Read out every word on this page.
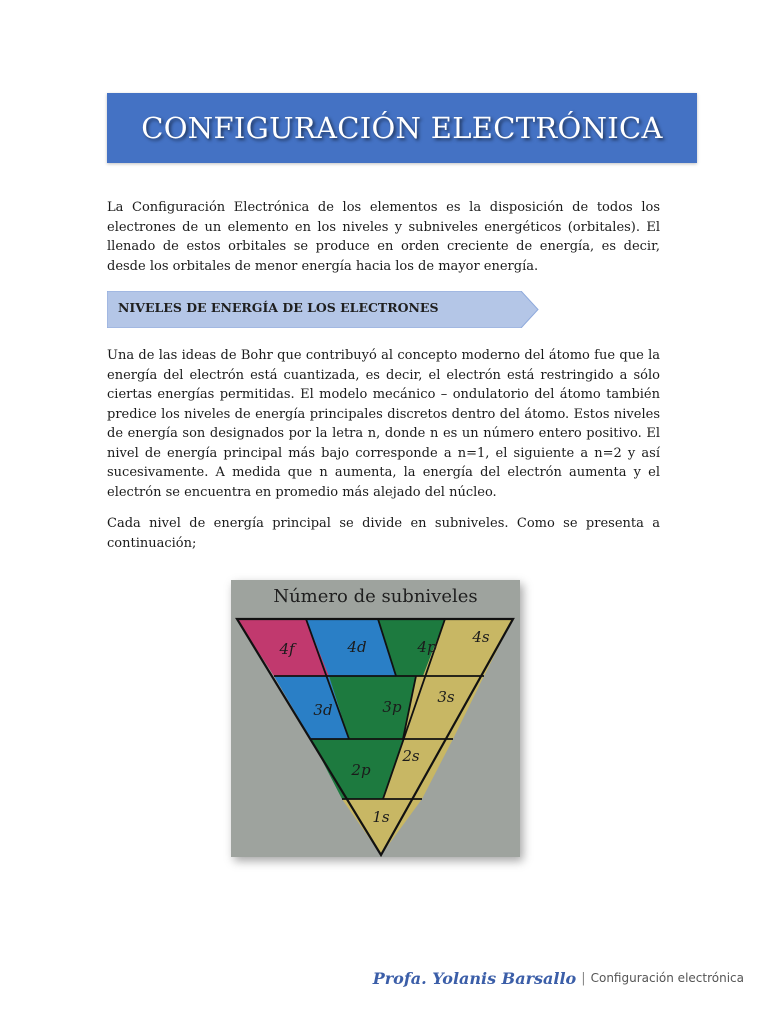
CONFIGURACIÓN ELECTRÓNICA

La Configuración Electrónica de los elementos es la disposición de todos los electrones de un elemento en los niveles y subniveles energéticos (orbitales). El llenado de estos orbitales se produce en orden creciente de energía, es decir, desde los orbitales de menor energía hacia los de mayor energía.

NIVELES DE ENERGÍA DE LOS ELECTRONES

Una de las ideas de Bohr que contribuyó al concepto moderno del átomo fue que la energía del electrón está cuantizada, es decir, el electrón está restringido a sólo ciertas energías permitidas. El modelo mecánico – ondulatorio del átomo también predice los niveles de energía principales discretos dentro del átomo. Estos niveles de energía son designados por la letra n, donde n es un número entero positivo. El nivel de energía principal más bajo corresponde a n=1, el siguiente a n=2 y así sucesivamente. A medida que n aumenta, la energía del electrón aumenta y el electrón se encuentra en promedio más alejado del núcleo.

Cada nivel de energía principal se divide en subniveles. Como se presenta a continuación;

Número de subniveles
4f	4d	4p
4s
3d	3p
3s
2p
2s
1s
Profa. Yolanis Barsallo | Configuración electrónica
